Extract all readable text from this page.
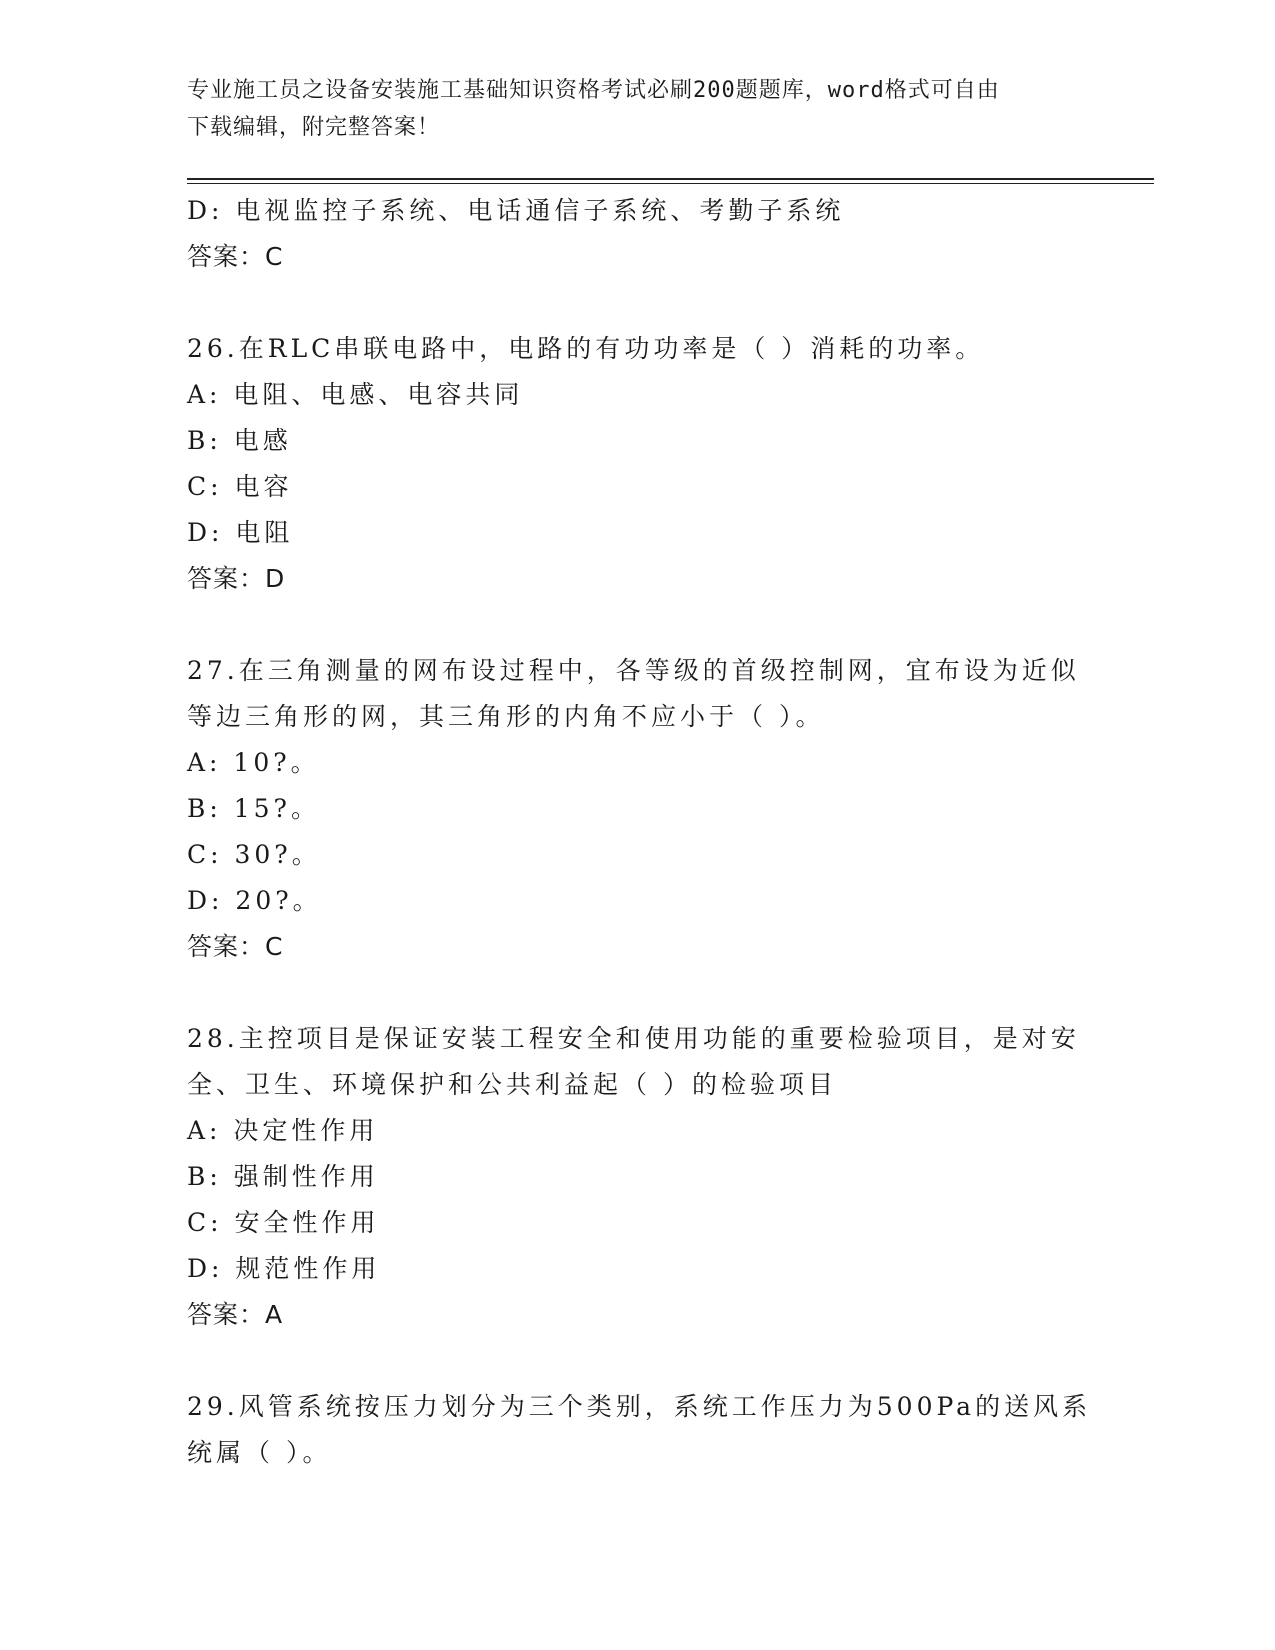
专业施工员之设备安装施工基础知识资格考试必刷200题题库，word格式可自由
下载编辑，附完整答案！
D: 电视监控子系统、电话通信子系统、考勤子系统
答案：C
26.在RLC串联电路中，电路的有功功率是（ ）消耗的功率。
A: 电阻、电感、电容共同
B: 电感
C: 电容
D: 电阻
答案：D
27.在三角测量的网布设过程中，各等级的首级控制网，宜布设为近似
等边三角形的网，其三角形的内角不应小于（ ）。
A: 10?。
B: 15?。
C: 30?。
D: 20?。
答案：C
28.主控项目是保证安装工程安全和使用功能的重要检验项目，是对安
全、卫生、环境保护和公共利益起（ ）的检验项目
A: 决定性作用
B: 强制性作用
C: 安全性作用
D: 规范性作用
答案：A
29.风管系统按压力划分为三个类别，系统工作压力为500Pa的送风系
统属（ ）。
